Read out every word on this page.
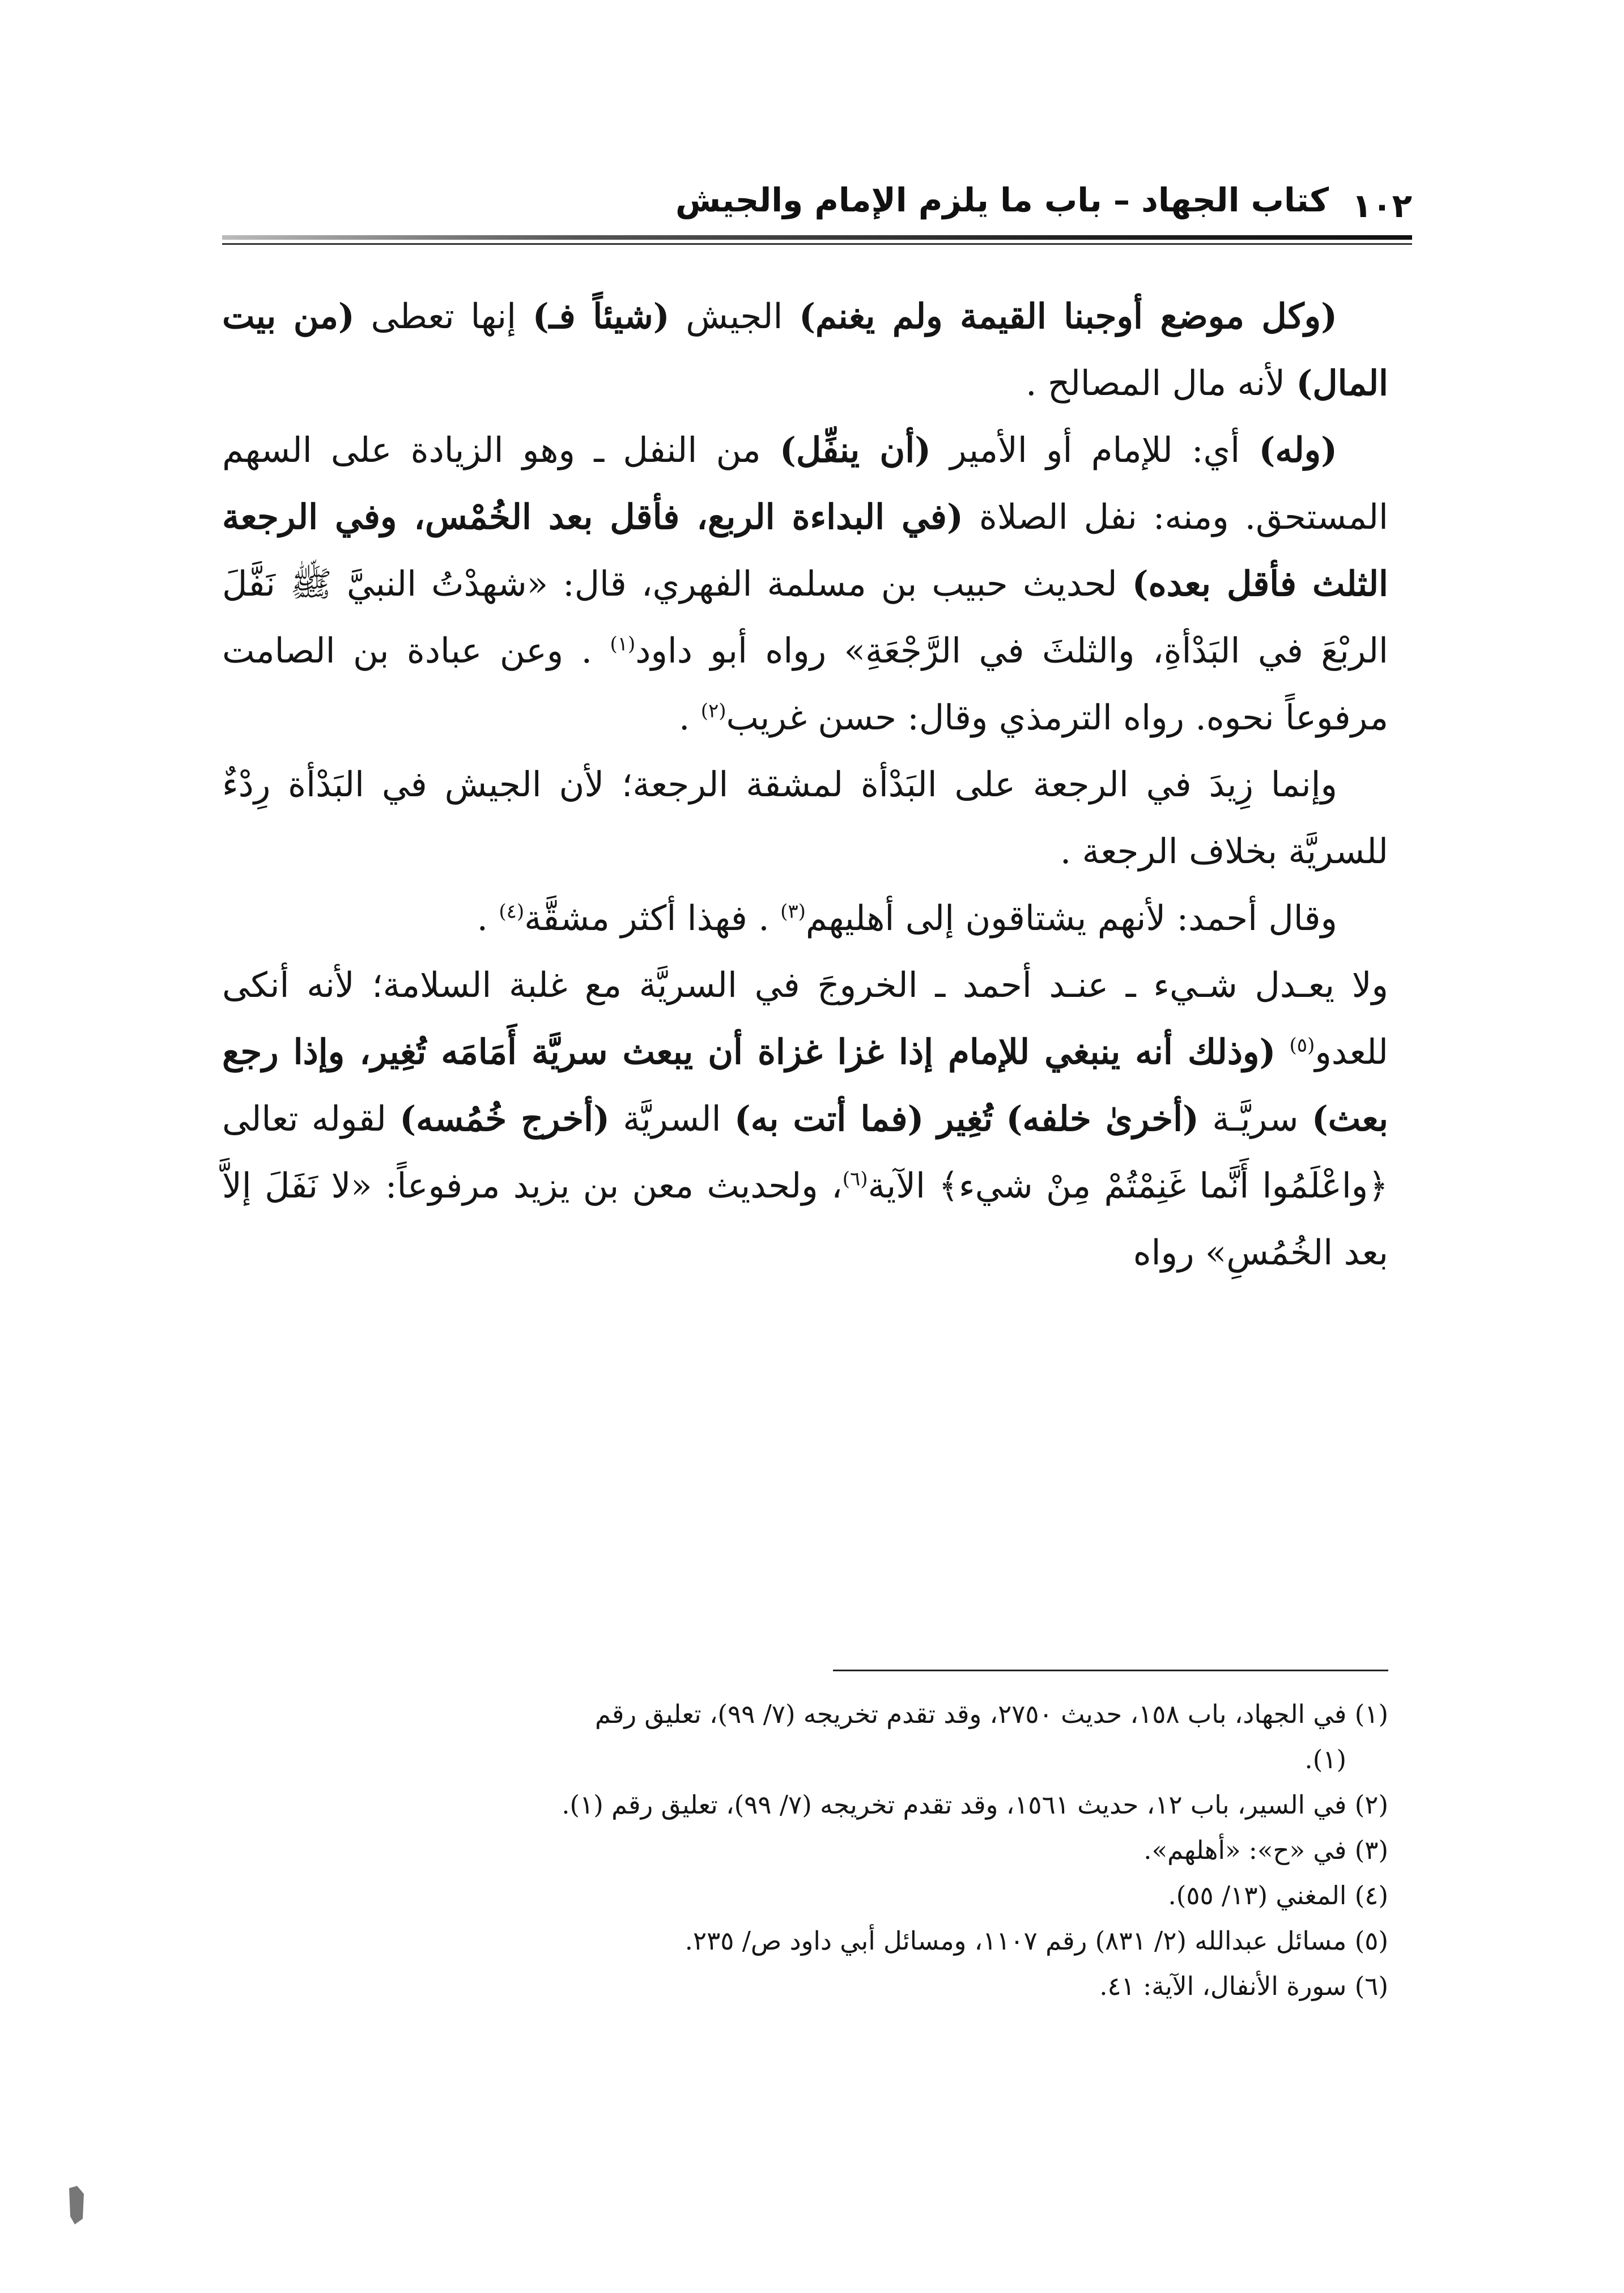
١٠٢
كتاب الجهاد – باب ما يلزم الإمام والجيش

(وكل موضع أوجبنا القيمة ولم يغنم) الجيش (شيئاً فـ) إنها تعطى (من بيت المال) لأنه مال المصالح .

(وله) أي: للإمام أو الأمير (أن ينفِّل) من النفل ـ وهو الزيادة على السهم المستحق. ومنه: نفل الصلاة (في البداءة الربع، فأقل بعد الخُمْس، وفي الرجعة الثلث فأقل بعده) لحديث حبيب بن مسلمة الفهري، قال: «شهدْتُ النبيَّ ﷺ نَفَّلَ الربْعَ في البَدْأةِ، والثلثَ في الرَّجْعَةِ» رواه أبو داود$^{(١)}$ . وعن عبادة بن الصامت مرفوعاً نحوه. رواه الترمذي وقال: حسن غريب$^{(٢)}$ .

وإنما زِيدَ في الرجعة على البَدْأة لمشقة الرجعة؛ لأن الجيش في البَدْأة رِدْءٌ للسريَّة بخلاف الرجعة .

وقال أحمد: لأنهم يشتاقون إلى أهليهم$^{(٣)}$ . فهذا أكثر مشقَّة$^{(٤)}$ .

ولا يعـدل شـيء ـ عنـد أحمد ـ الخروجَ في السريَّة مع غلبة السلامة؛ لأنه أنكى للعدو$^{(٥)}$ (وذلك أنه ينبغي للإمام إذا غزا غزاة أن يبعث سريَّة أَمَامَه تُغِير، وإذا رجع بعث) سريَّـة (أخرىٰ خلفه) تُغِير (فما أتت به) السريَّة (أخرج خُمُسه) لقوله تعالى ﴿واعْلَمُوا أَنَّما غَنِمْتُمْ مِنْ شيء﴾ الآية$^{(٦)}$، ولحديث معن بن يزيد مرفوعاً: «لا نَفَلَ إلاَّ بعد الخُمُسِ» رواه

(١) في الجهاد، باب ١٥٨، حديث ٢٧٥٠، وقد تقدم تخريجه (٧/ ٩٩)، تعليق رقم

(١).

(٢) في السير، باب ١٢، حديث ١٥٦١، وقد تقدم تخريجه (٧/ ٩٩)، تعليق رقم (١).

(٣) في «ح»: «أهلهم».

(٤) المغني (١٣/ ٥٥).

(٥) مسائل عبدالله (٢/ ٨٣١) رقم ١١٠٧، ومسائل أبي داود ص/ ٢٣٥.

(٦) سورة الأنفال، الآية: ٤١.
